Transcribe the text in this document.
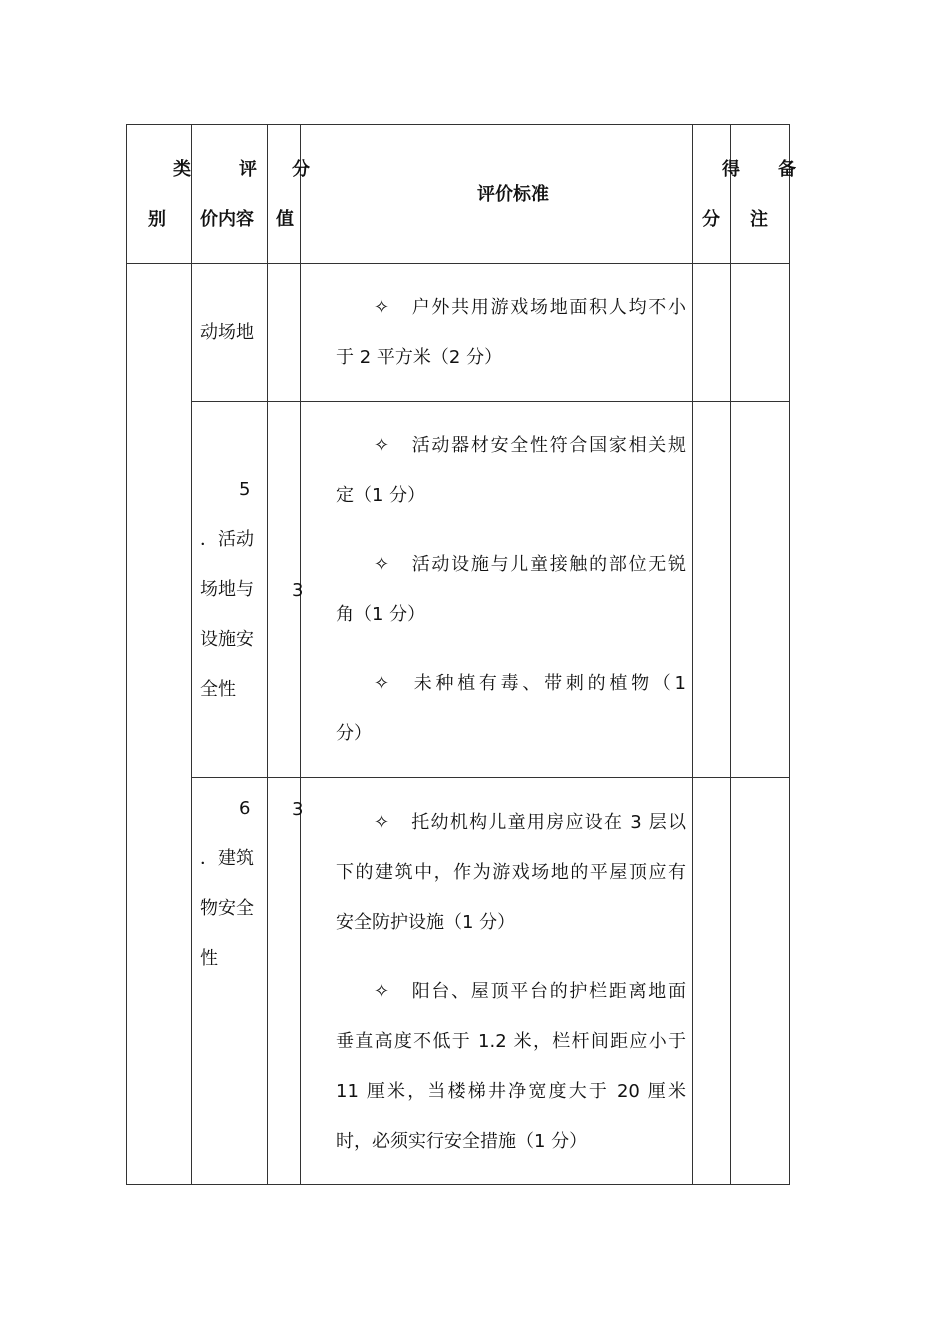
类
别
评
价内容
分
值
评价标准
得
分
备
注
动场地

✧ 户外共用游戏场地面积人均不小

于 2 平方米（2 分）

5
．活动
场地与
设施安
全性
3

✧ 活动器材安全性符合国家相关规

定（1 分）

✧ 活动设施与儿童接触的部位无锐

角（1 分）

✧ 未种植有毒、带刺的植物（1

分）

6
．建筑
物安全
性
3

✧ 托幼机构儿童用房应设在 3 层以

下的建筑中，作为游戏场地的平屋顶应有

安全防护设施（1 分）

✧ 阳台、屋顶平台的护栏距离地面

垂直高度不低于 1.2 米，栏杆间距应小于

11 厘米，当楼梯井净宽度大于 20 厘米

时，必须实行安全措施（1 分）
